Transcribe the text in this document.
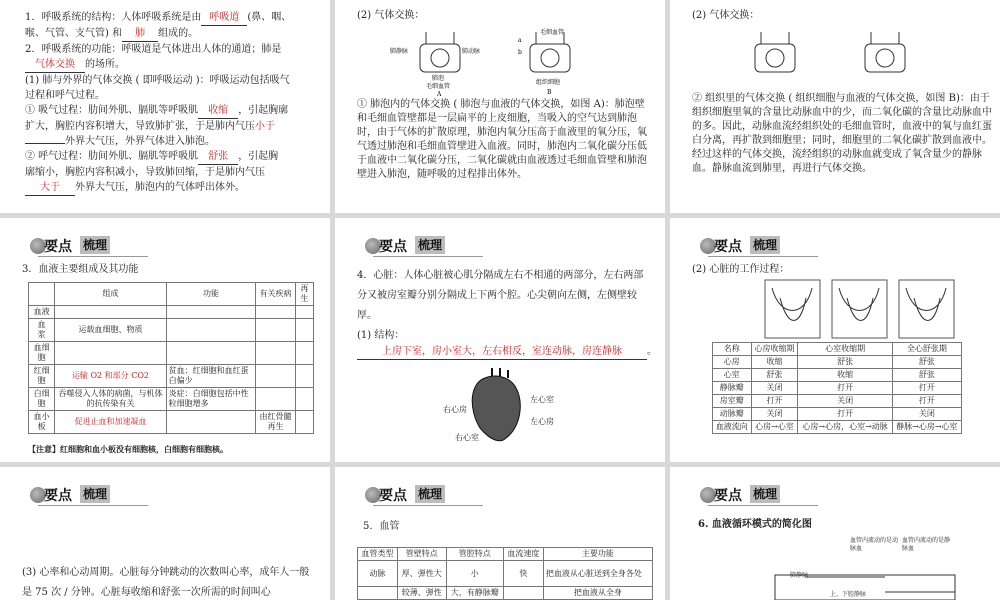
1．呼吸系统的结构：人体呼吸系统是由 呼吸道 (鼻、咽、
喉、气管、支气管) 和 肺 组成的。
2．呼吸系统的功能：呼吸道是气体进出人体的通道；肺是
气体交换 的场所。
(1) 肺与外界的气体交换 ( 即呼吸运动 )：呼吸运动包括吸气
过程和呼气过程。
① 吸气过程：肋间外肌、膈肌等呼吸肌 收缩 ，引起胸廓
扩大，胸腔内容积增大，导致肺扩张，于是肺内气压小于
外界大气压，外界气体进入肺泡。
② 呼气过程：肋间外肌、膈肌等呼吸肌 舒张 ，引起胸
廓缩小，胸腔内容积减小，导致肺回缩，于是肺内气压
大于 外界大气压，肺泡内的气体呼出体外。
(2) 气体交换：
肺静脉	肺动脉
肺泡
毛细血管
A
a
b
毛细血管
组织细胞
B
① 肺泡内的气体交换 ( 肺泡与血液的气体交换，如图 A)：肺泡壁和毛细血管壁都是一层扁平的上皮细胞，当吸入的空气达到肺泡时，由于气体的扩散原理，肺泡内氧分压高于血液里的氧分压，氧气透过肺泡和毛细血管壁进入血液。同时，肺泡内二氧化碳分压低于血液中二氧化碳分压，二氧化碳就由血液透过毛细血管壁和肺泡壁进入肺泡，随呼吸的过程排出体外。
(2) 气体交换：
② 组织里的气体交换 ( 组织细胞与血液的气体交换，如图 B)：由于组织细胞里氧的含量比动脉血中的少，而二氧化碳的含量比动脉血中的多。因此，动脉血流经组织处的毛细血管时，血液中的氧与血红蛋白分离，再扩散到细胞里；同时，细胞里的二氧化碳扩散到血液中。经过这样的气体交换，流经组织的动脉血就变成了氧含量少的静脉血。静脉血流到肺里，再进行气体交换。
要点 梳理
3．血液主要组成及其功能
	组成	功能	有关疾病	再生
血液				
血　浆	运载血细胞、物质			
血细胞				
红细胞	运输 O2 和部分 CO2	贫血：红细胞和血红蛋白偏少		
白细胞	吞噬侵入人体的病菌，与机体的抗传染有关	炎症：白细胞包括中性粒细胞增多		
血小板	促进止血和加速凝血		由红骨髓再生	
【注意】红细胞和血小板没有细胞核，白细胞有细胞核。
要点 梳理
4．心脏：人体心脏被心肌分隔成左右不相通的两部分，左右两部分又被房室瓣分别分隔成上下两个腔。心尖朝向左侧，左侧壁较厚。
(1) 结构：
上房下室，房小室大，左右相反，室连动脉，房连静脉	。
右心房
左心室
左心房
右心室
要点 梳理
(2) 心脏的工作过程：
名称	心房收缩期	心室收缩期	全心舒张期
心房	收缩	舒张	舒张
心室	舒张	收缩	舒张
静脉瓣	关闭	打开	打开
房室瓣	打开	关闭	打开
动脉瓣	关闭	打开	关闭
血液流向	心房→心室	心房→心房，心室→动脉	静脉→心房→心室
要点 梳理
(3) 心率和心动周期。心脏每分钟跳动的次数叫心率，成年人一般是 75 次 / 分钟。心脏每收缩和舒张一次所需的时间叫心
要点 梳理
5．血管
血管类型	管壁特点	管腔特点	血流速度	主要功能
动脉	厚、弹性大	小	快	把血液从心脏送到全身各处
	较薄、弹性	大，有静脉瓣		把血液从全身
要点 梳理
6. 血液循环模式的简化图
血管内流动的是动脉血
血管内流动的是静脉血
肺静脉
上、下腔静脉
